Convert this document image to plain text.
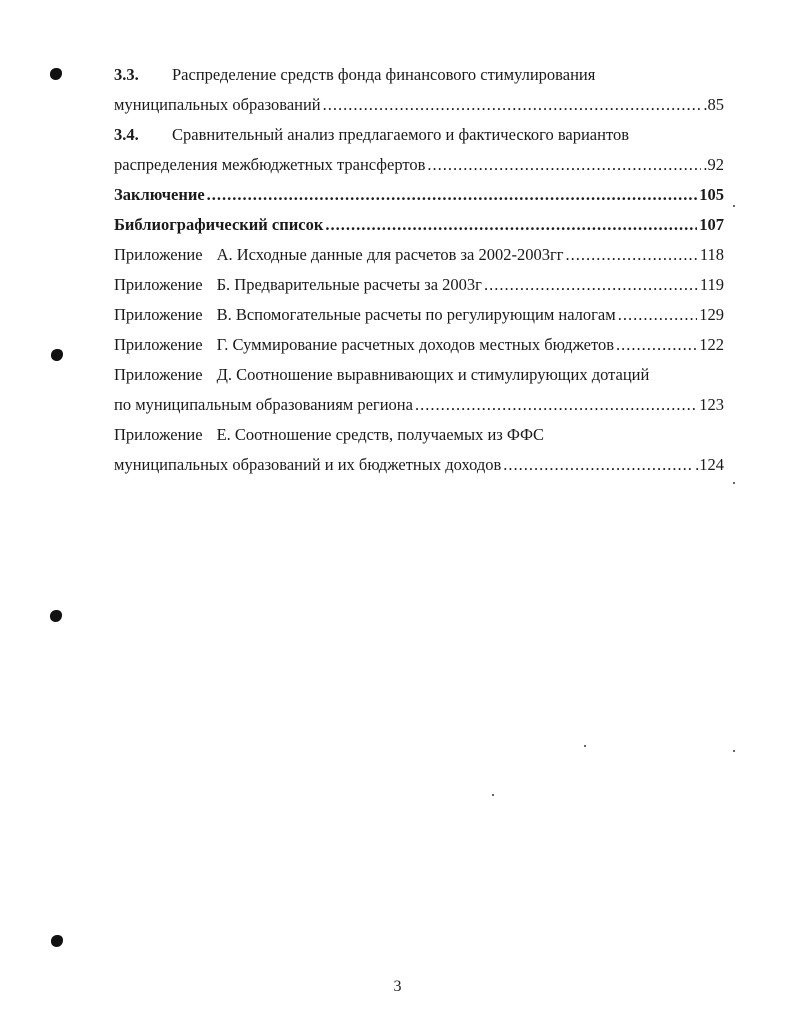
3.3.	Распределение средств фонда финансового стимулирования
муниципальных образований .....	.85
3.4.	Сравнительный анализ предлагаемого и фактического вариантов
распределения межбюджетных трансфертов .....	.92
Заключение .....	105
Библиографический список .....	107
Приложение А. Исходные данные для расчетов за 2002-2003гг .....	118
Приложение Б. Предварительные расчеты за 2003г .....	119
Приложение В. Вспомогательные расчеты по регулирующим налогам .....	129
Приложение Г. Суммирование расчетных доходов местных бюджетов .....	122
Приложение Д. Соотношение выравнивающих и стимулирующих дотаций
по муниципальным образованиям региона .....	123
Приложение Е. Соотношение средств, получаемых из ФФС
муниципальных образований и их бюджетных доходов .....	.124
3
